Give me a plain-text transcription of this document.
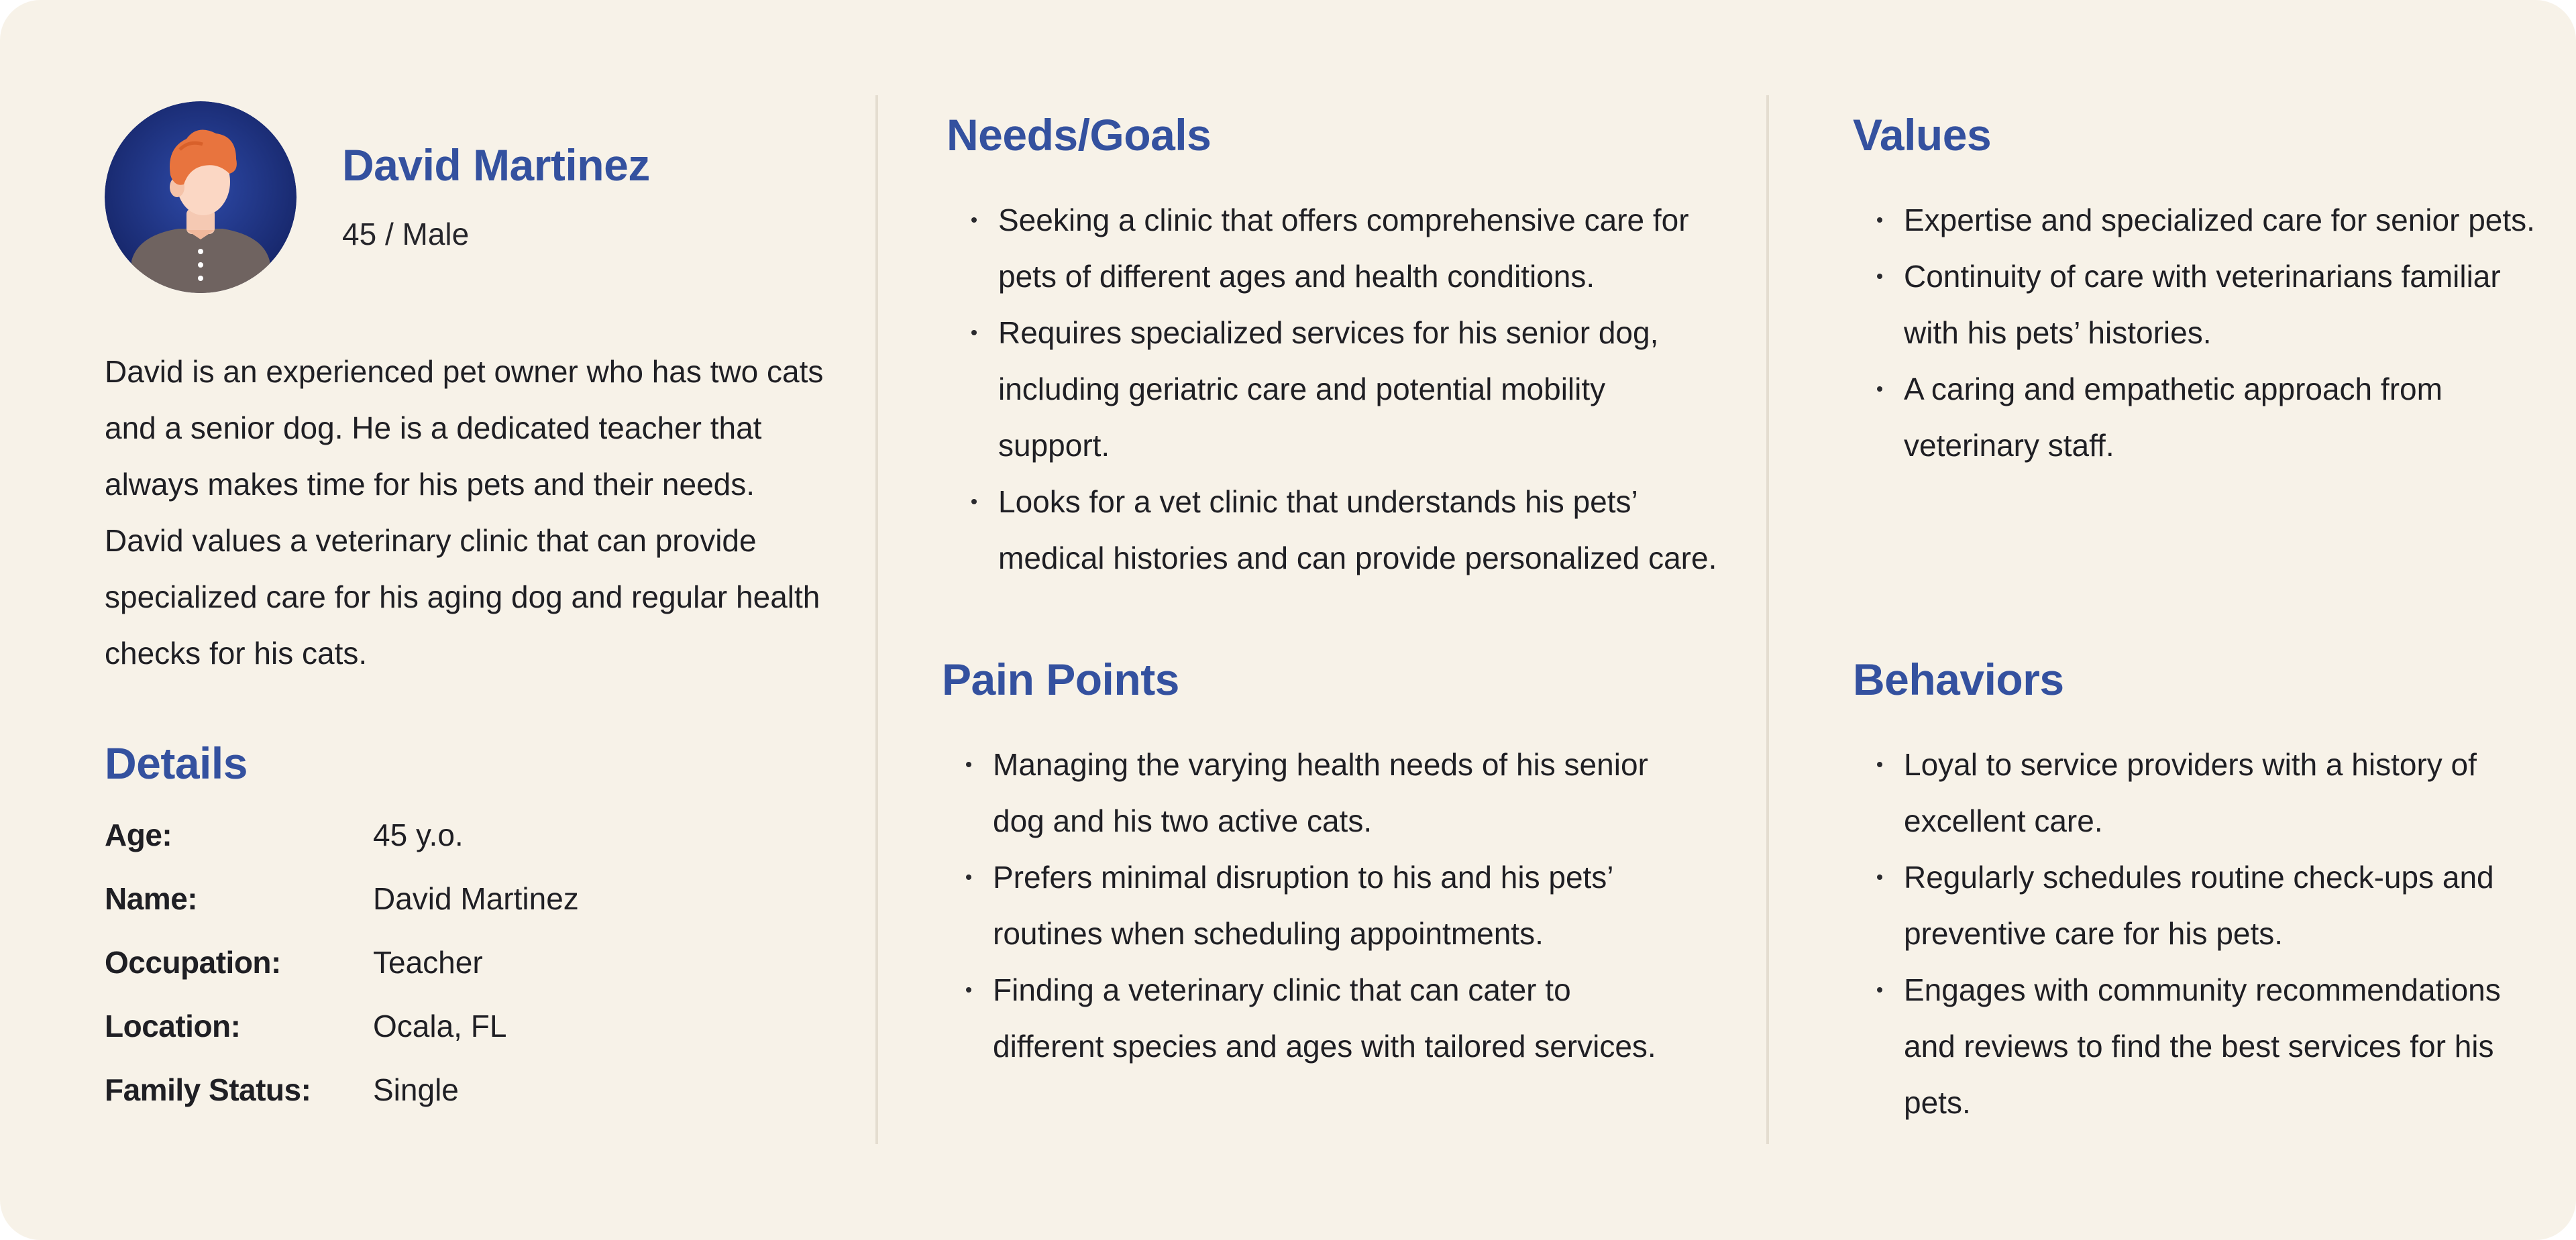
David Martinez
45 / Male
David is an experienced pet owner who has two cats and a senior dog. He is a dedicated teacher that always makes time for his pets and their needs. David values a veterinary clinic that can provide specialized care for his aging dog and regular health checks for his cats.
Details
Age:	45 y.o.
Name:	David Martinez
Occupation:	Teacher
Location:	Ocala, FL
Family Status: Single
Needs/Goals
Seeking a clinic that offers comprehensive care for pets of different ages and health conditions.
Requires specialized services for his senior dog, including geriatric care and potential mobility support.
Looks for a vet clinic that understands his pets’ medical histories and can provide personalized care.
Pain Points
Managing the varying health needs of his senior dog and his two active cats.
Prefers minimal disruption to his and his pets’ routines when scheduling appointments.
Finding a veterinary clinic that can cater to different species and ages with tailored services.
Values
Expertise and specialized care for senior pets.
Continuity of care with veterinarians familiar with his pets’ histories.
A caring and empathetic approach from veterinary staff.
Behaviors
Loyal to service providers with a history of excellent care.
Regularly schedules routine check-ups and preventive care for his pets.
Engages with community recommendations and reviews to find the best services for his pets.
